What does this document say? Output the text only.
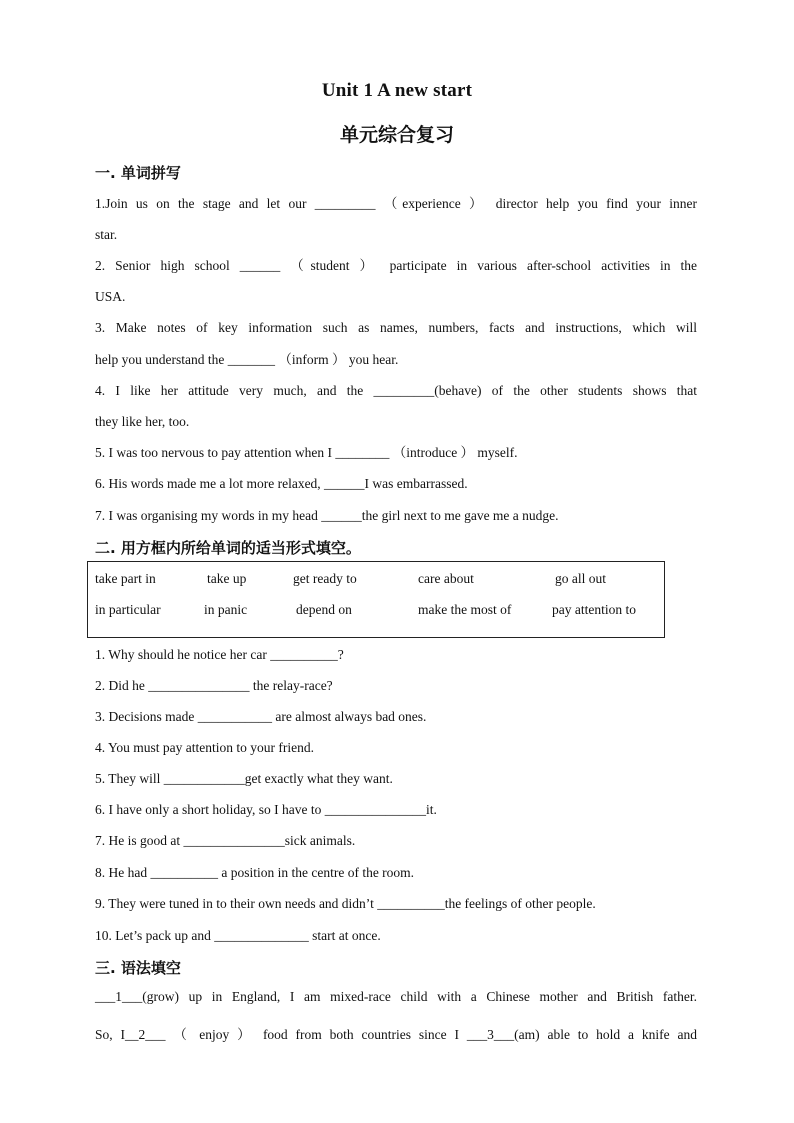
Unit 1 A new start
单元综合复习
一. 单词拼写
1.Join us on the stage and let our _________ （experience ） director help you find your inner
star.
2. Senior high school ______ （student ） participate in various after-school activities in the
USA.
3. Make notes of key information such as names, numbers, facts and instructions, which will
help you understand the _______ （inform ） you hear.
4. I like her attitude very much, and the _________(behave) of the other students shows that
they like her, too.
5. I was too nervous to pay attention when I ________ （introduce ） myself.
6. His words made me a lot more relaxed, ______I was embarrassed.
7. I was organising my words in my head ______the girl next to me gave me a nudge.
二. 用方框内所给单词的适当形式填空。
take part in	take up	get ready to	care about	go all out
in particular	in panic	depend on	make the most of	pay attention to
1. Why should he notice her car __________?
2. Did he _______________ the relay-race?
3. Decisions made ___________ are almost always bad ones.
4. You must pay attention to your friend.
5. They will ____________get exactly what they want.
6. I have only a short holiday, so I have to _______________it.
7. He is good at _______________sick animals.
8. He had __________ a position in the centre of the room.
9. They were tuned in to their own needs and didn’t __________the feelings of other people.
10. Let’s pack up and ______________ start at once.
三. 语法填空
___1___(grow) up in England, I am mixed-race child with a Chinese mother and British father.
So, I__2___ （ enjoy ） food from both countries since I ___3___(am) able to hold a knife and
